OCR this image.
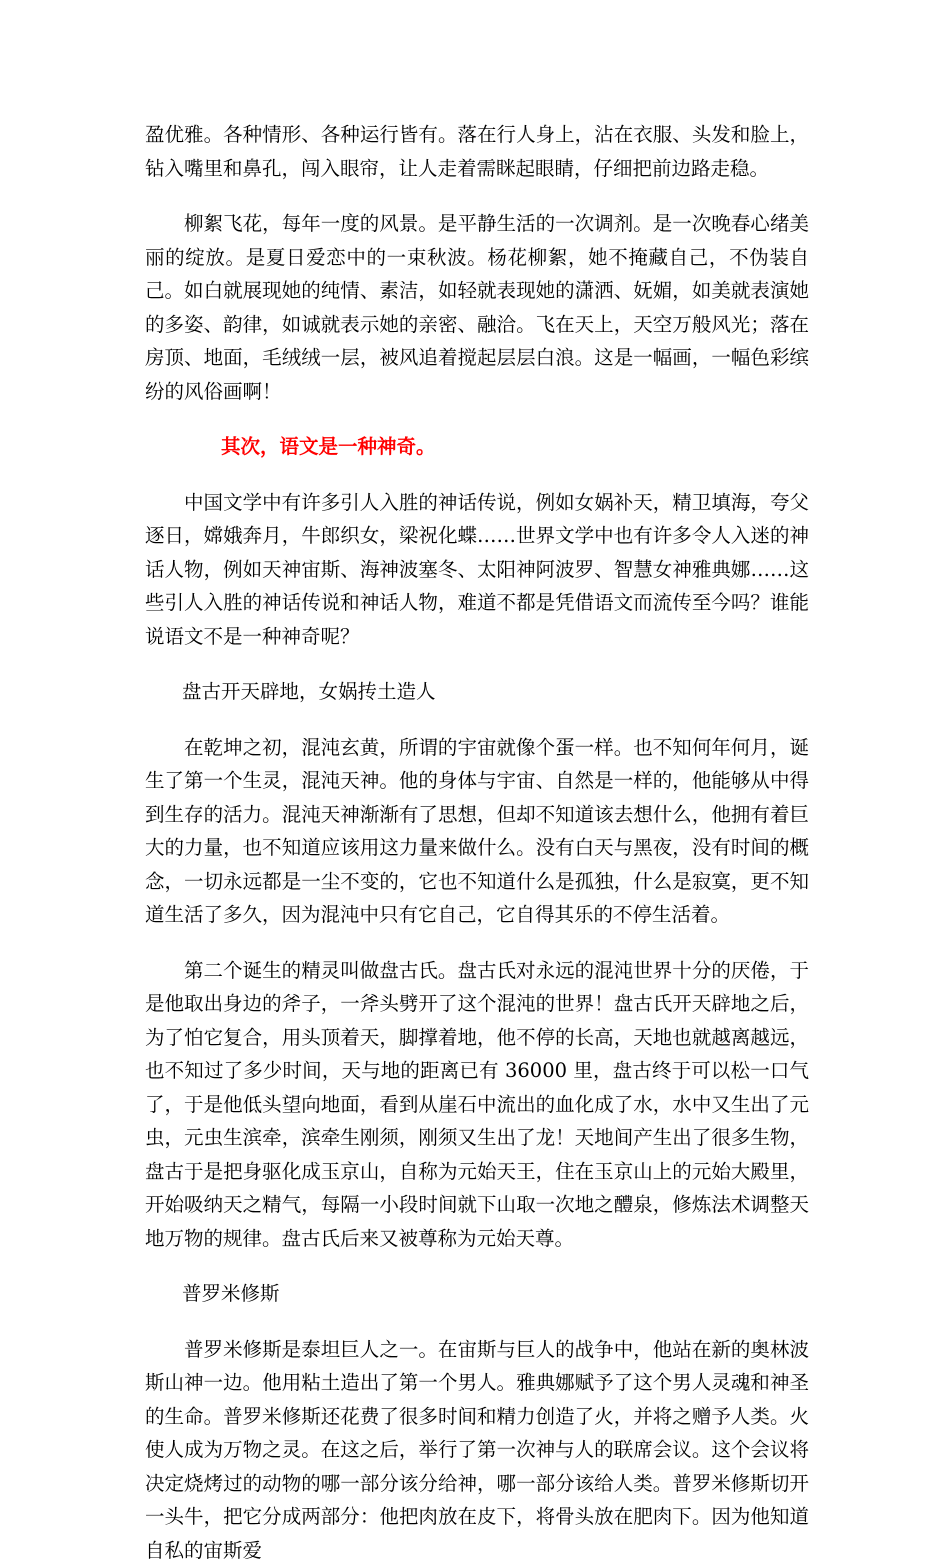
盈优雅。各种情形、各种运行皆有。落在行人身上，沾在衣服、头发和脸上，钻入嘴里和鼻孔，闯入眼帘，让人走着需眯起眼睛，仔细把前边路走稳。

柳絮飞花，每年一度的风景。是平静生活的一次调剂。是一次晚春心绪美丽的绽放。是夏日爱恋中的一束秋波。杨花柳絮，她不掩藏自己，不伪装自己。如白就展现她的纯情、素洁，如轻就表现她的潇洒、妩媚，如美就表演她的多姿、韵律，如诚就表示她的亲密、融洽。飞在天上，天空万般风光；落在房顶、地面，毛绒绒一层，被风追着搅起层层白浪。这是一幅画，一幅色彩缤纷的风俗画啊！

其次，语文是一种神奇。

中国文学中有许多引人入胜的神话传说，例如女娲补天，精卫填海，夸父逐日，嫦娥奔月，牛郎织女，梁祝化蝶……世界文学中也有许多令人入迷的神话人物，例如天神宙斯、海神波塞冬、太阳神阿波罗、智慧女神雅典娜……这些引人入胜的神话传说和神话人物，难道不都是凭借语文而流传至今吗？谁能说语文不是一种神奇呢？

盘古开天辟地，女娲抟土造人

在乾坤之初，混沌玄黄，所谓的宇宙就像个蛋一样。也不知何年何月，诞生了第一个生灵，混沌天神。他的身体与宇宙、自然是一样的，他能够从中得到生存的活力。混沌天神渐渐有了思想，但却不知道该去想什么，他拥有着巨大的力量，也不知道应该用这力量来做什么。没有白天与黑夜，没有时间的概念，一切永远都是一尘不变的，它也不知道什么是孤独，什么是寂寞，更不知道生活了多久，因为混沌中只有它自己，它自得其乐的不停生活着。

第二个诞生的精灵叫做盘古氏。盘古氏对永远的混沌世界十分的厌倦，于是他取出身边的斧子，一斧头劈开了这个混沌的世界！盘古氏开天辟地之后，为了怕它复合，用头顶着天，脚撑着地，他不停的长高，天地也就越离越远，也不知过了多少时间，天与地的距离已有 36000 里，盘古终于可以松一口气了，于是他低头望向地面，看到从崖石中流出的血化成了水，水中又生出了元虫，元虫生滨牵，滨牵生刚须，刚须又生出了龙！天地间产生出了很多生物，盘古于是把身驱化成玉京山，自称为元始天王，住在玉京山上的元始大殿里，开始吸纳天之精气，每隔一小段时间就下山取一次地之醴泉，修炼法术调整天地万物的规律。盘古氏后来又被尊称为元始天尊。

普罗米修斯

普罗米修斯是泰坦巨人之一。在宙斯与巨人的战争中，他站在新的奥林波斯山神一边。他用粘土造出了第一个男人。雅典娜赋予了这个男人灵魂和神圣的生命。普罗米修斯还花费了很多时间和精力创造了火，并将之赠予人类。火使人成为万物之灵。在这之后，举行了第一次神与人的联席会议。这个会议将决定烧烤过的动物的哪一部分该分给神，哪一部分该给人类。普罗米修斯切开一头牛，把它分成两部分：他把肉放在皮下，将骨头放在肥肉下。因为他知道自私的宙斯爱
